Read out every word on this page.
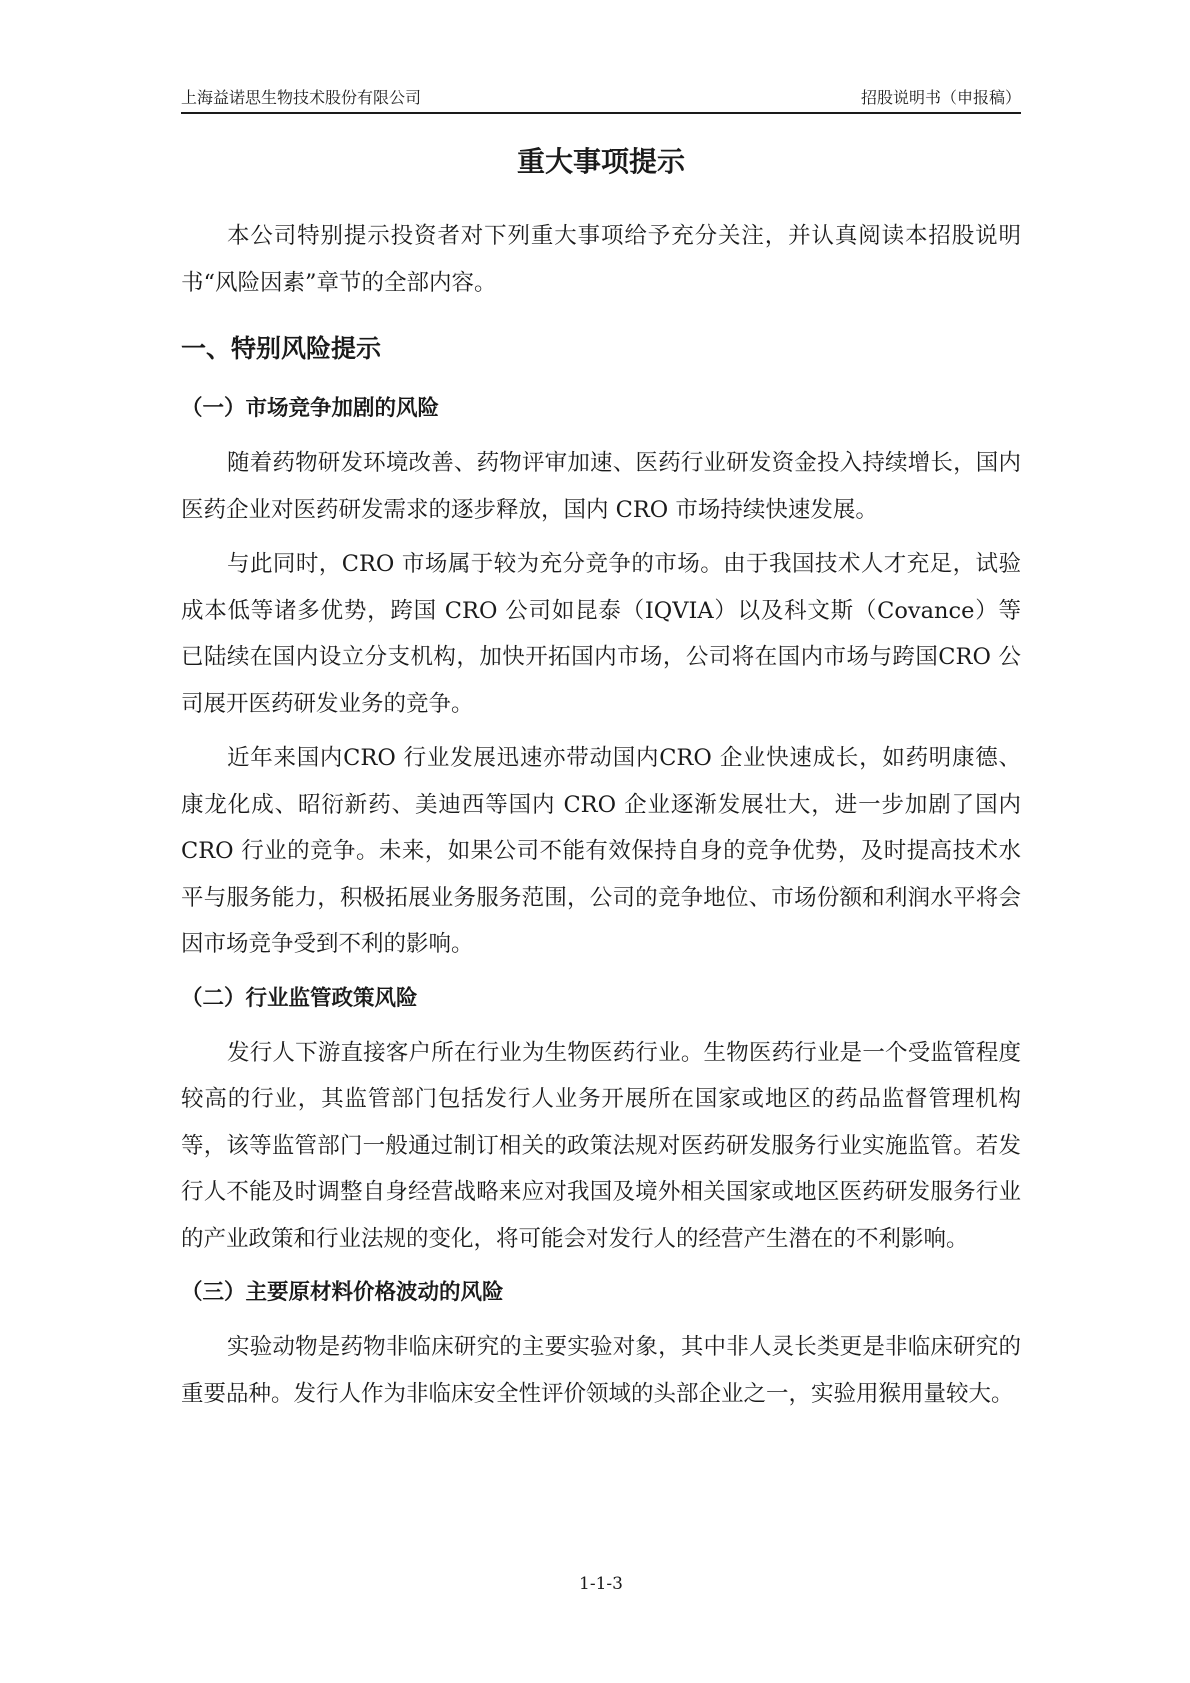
上海益诺思生物技术股份有限公司	招股说明书（申报稿）
重大事项提示

本公司特别提示投资者对下列重大事项给予充分关注，并认真阅读本招股说明书“风险因素”章节的全部内容。

一、特别风险提示
（一）市场竞争加剧的风险

随着药物研发环境改善、药物评审加速、医药行业研发资金投入持续增长，国内医药企业对医药研发需求的逐步释放，国内 CRO 市场持续快速发展。

与此同时，CRO 市场属于较为充分竞争的市场。由于我国技术人才充足，试验成本低等诸多优势，跨国 CRO 公司如昆泰（IQVIA）以及科文斯（Covance）等已陆续在国内设立分支机构，加快开拓国内市场，公司将在国内市场与跨国CRO 公司展开医药研发业务的竞争。

近年来国内CRO 行业发展迅速亦带动国内CRO 企业快速成长，如药明康德、康龙化成、昭衍新药、美迪西等国内 CRO 企业逐渐发展壮大，进一步加剧了国内 CRO 行业的竞争。未来，如果公司不能有效保持自身的竞争优势，及时提高技术水平与服务能力，积极拓展业务服务范围，公司的竞争地位、市场份额和利润水平将会因市场竞争受到不利的影响。

（二）行业监管政策风险

发行人下游直接客户所在行业为生物医药行业。生物医药行业是一个受监管程度较高的行业，其监管部门包括发行人业务开展所在国家或地区的药品监督管理机构等，该等监管部门一般通过制订相关的政策法规对医药研发服务行业实施监管。若发行人不能及时调整自身经营战略来应对我国及境外相关国家或地区医药研发服务行业的产业政策和行业法规的变化，将可能会对发行人的经营产生潜在的不利影响。

（三）主要原材料价格波动的风险

实验动物是药物非临床研究的主要实验对象，其中非人灵长类更是非临床研究的重要品种。发行人作为非临床安全性评价领域的头部企业之一，实验用猴用量较大。

1-1-3
